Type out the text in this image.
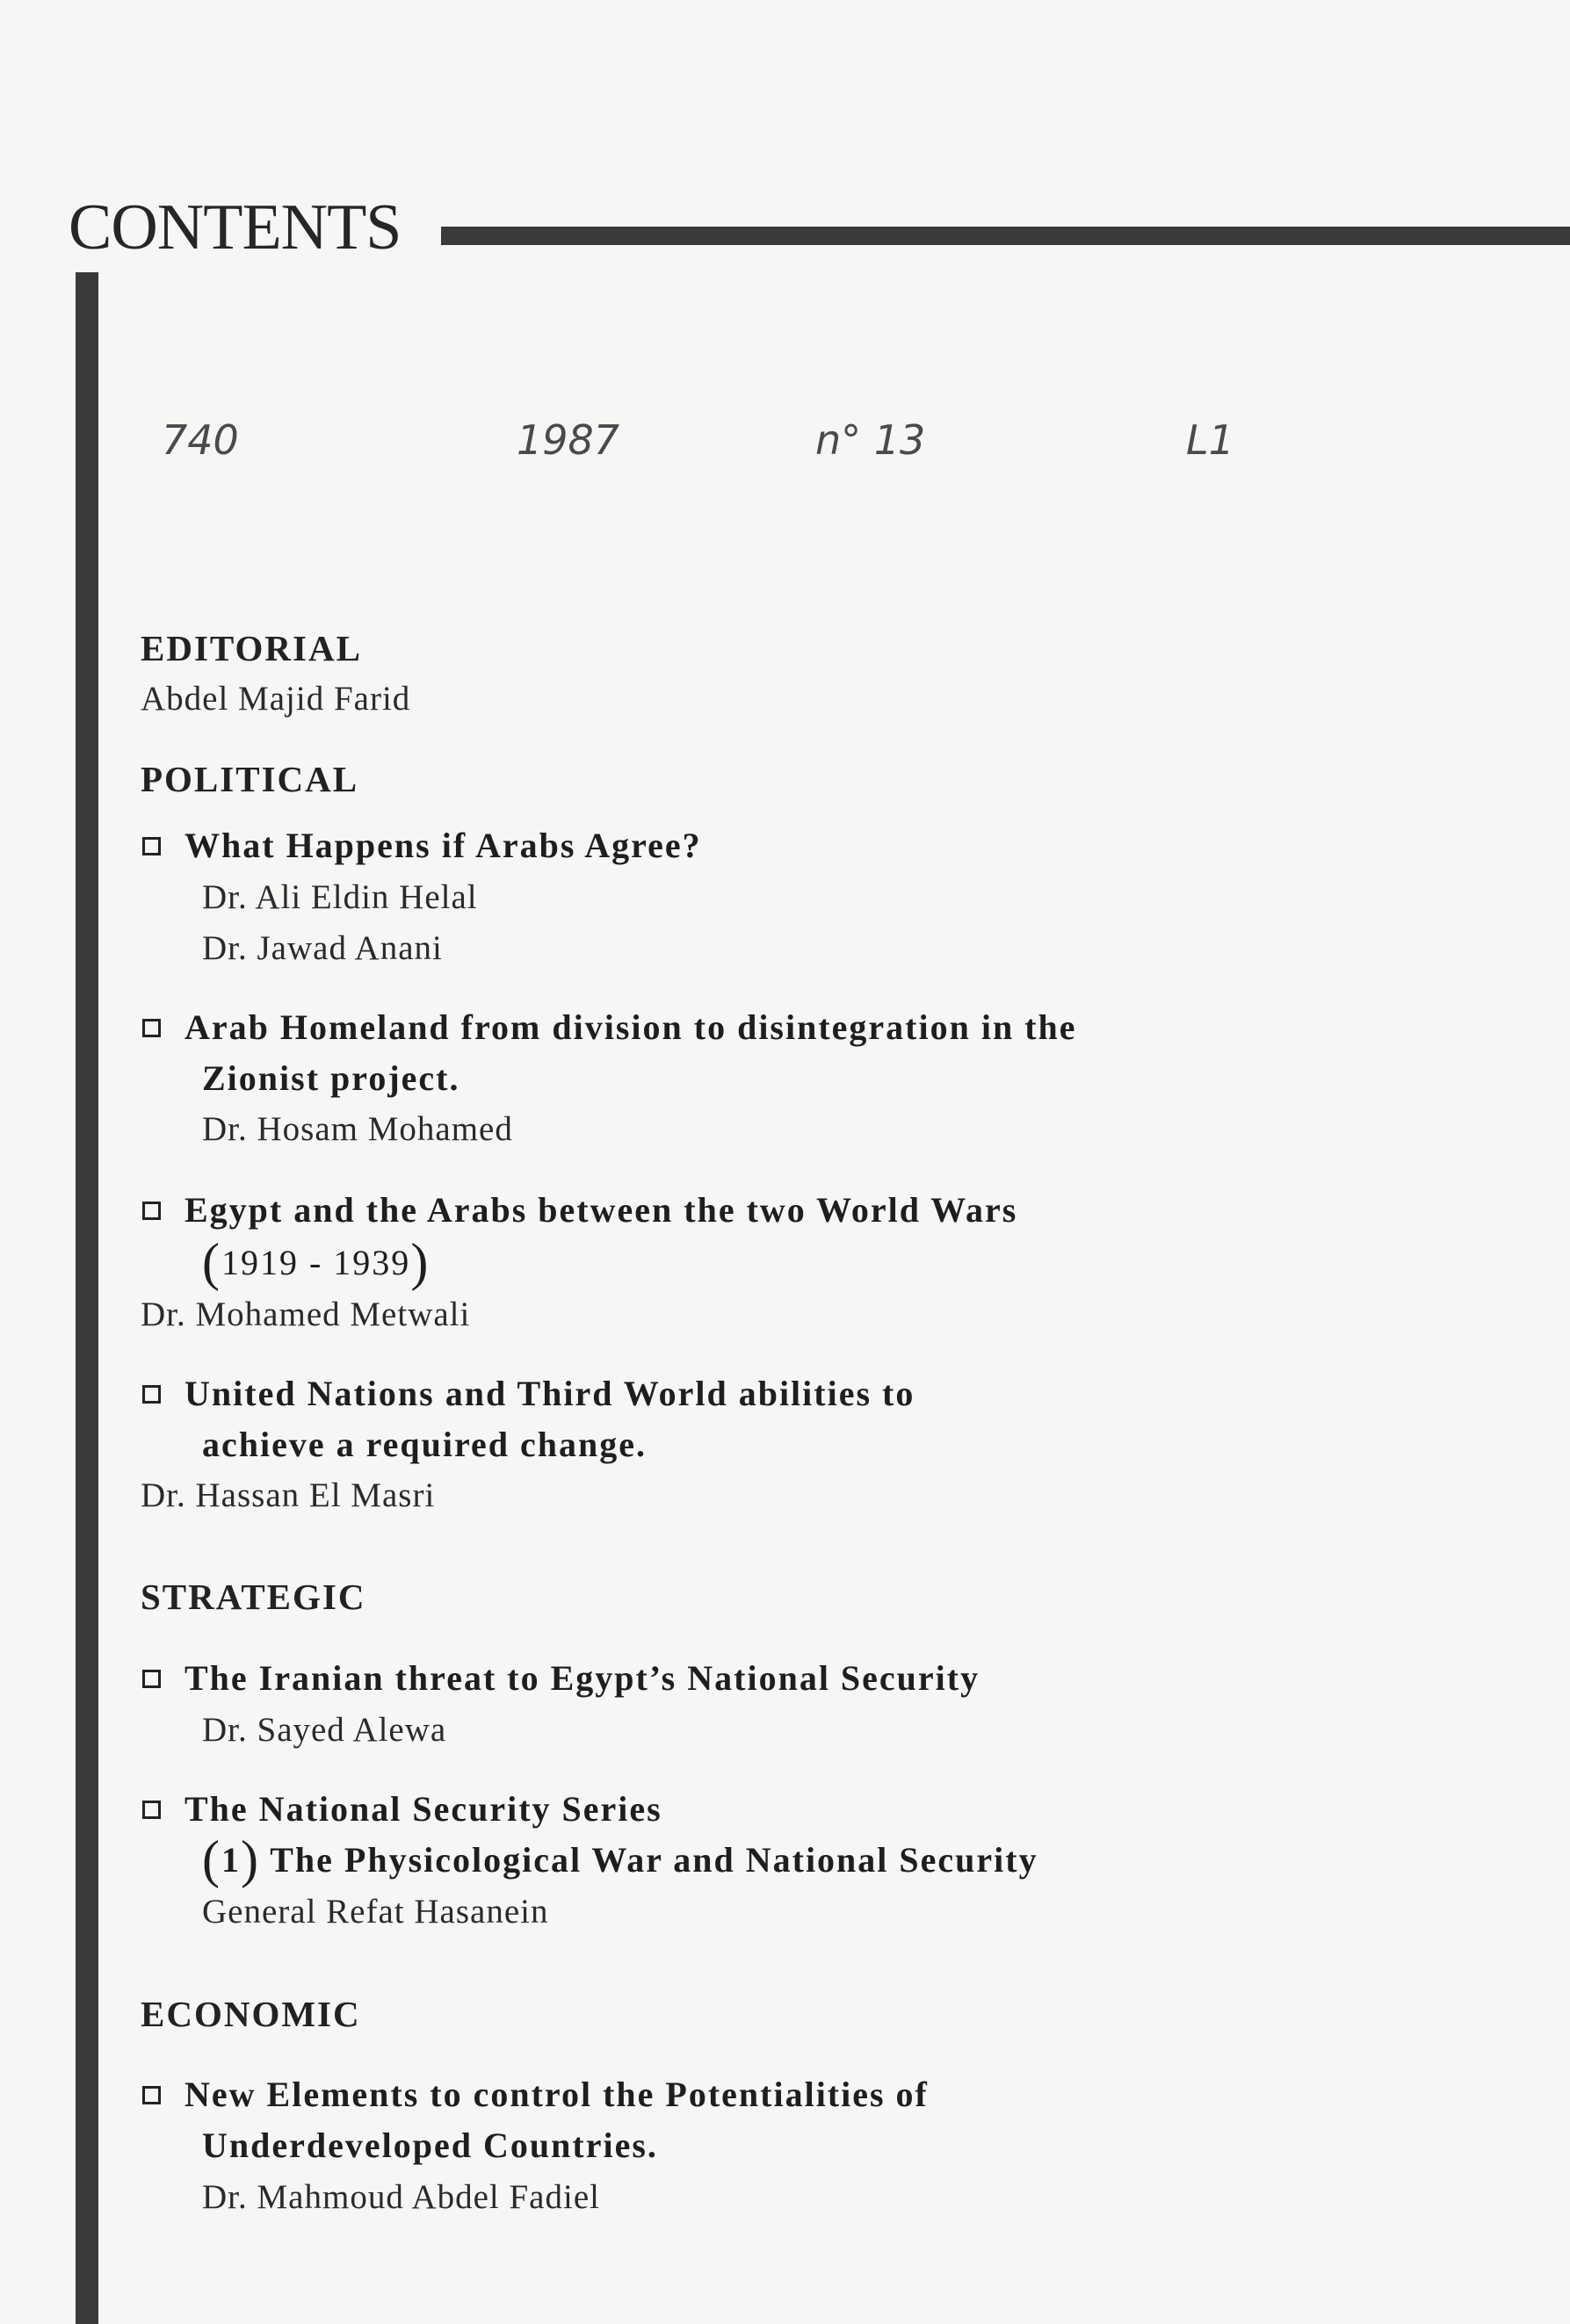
CONTENTS
740	1987	n° 13	L1
EDITORIAL
Abdel Majid Farid
POLITICAL
What Happens if Arabs Agree?
Dr. Ali Eldin Helal
Dr. Jawad Anani
Arab Homeland from division to disintegration in the
Zionist project.
Dr. Hosam Mohamed
Egypt and the Arabs between the two World Wars
(1919 - 1939)
Dr. Mohamed Metwali
United Nations and Third World abilities to
achieve a required change.
Dr. Hassan El Masri
STRATEGIC
The Iranian threat to Egypt’s National Security
Dr. Sayed Alewa
The National Security Series
(1) The Physicological War and National Security
General Refat Hasanein
ECONOMIC
New Elements to control the Potentialities of
Underdeveloped Countries.
Dr. Mahmoud Abdel Fadiel
